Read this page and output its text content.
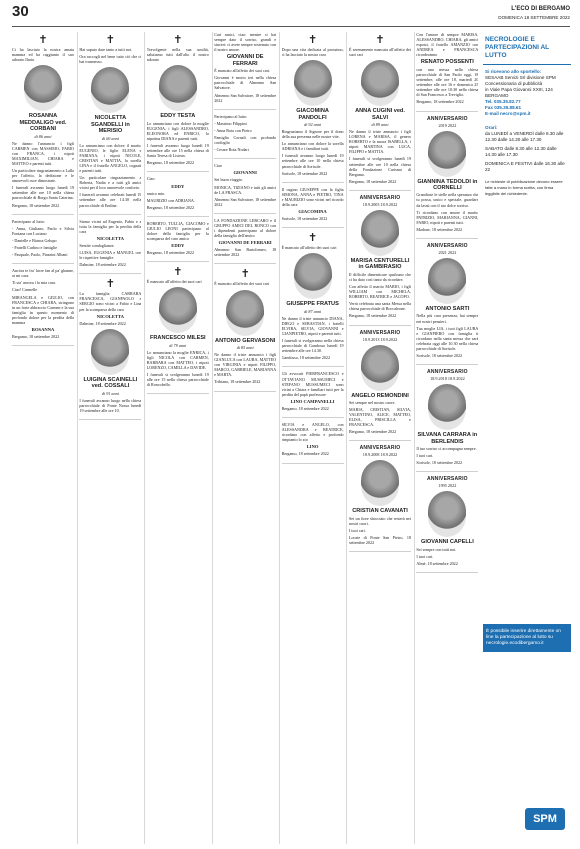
30	L'ECO DI BERGAMO
DOMENICA 18 SETTEMBRE 2022
✝
Ci ha lasciato la nostra amata mamma ed ha raggiunto il suo adorato Ilario.
ROSANNA MEDDALIGO ved. CORBANI
di 86 anni
Ne danno l'annuncio i figli CARMEN con MASSIMO, FABIO con FRANCA, i nipoti MAXIMILIAN, CHIARA e MATTEO e parenti tutti.
Un particolare ringraziamento a Lalla per l'affetto, la dedizione e le amorevoli cure dimostrate.
I funerali avranno luogo lunedì 19 settembre alle ore 10 nella chiesa parrocchiale di Borgo Santa Caterina.
Bergamo, 18 settembre 2022
Partecipano al lutto:
- Anna, Giuliano, Paolo e Silvia Fontana con Luciano
- Danielle e Bianca Gelupo
- Fratelli Carlino e famiglie
- Pasquale, Paolo, Piazzini Albani
Ancòra te fra' lucre fan al pa' ghanne, ai mi cara.
Ti sta' ancora i la mia cara.
Ciao! Carmelle
MIRANGELA e GIULIO, con FRANCESCA e CHIARA, stringono in un forte abbraccio Carmen e la sua famiglia in questo momento di profondo dolore per la perdita della mamma
ROSANNA
Bergamo, 18 settembre 2022
✝
Hai saputo dare tanto a tutti noi.
Ora raccogli nel bene tutto ciò che ci hai trasmesso.
NICOLETTA SGANDELLI in MERISIO
di 60 anni
Lo annunciano con dolore il marito EUGENIO, le figlie ELENA e FABIANA, i nipoti NICOLE, CRISTIAN e MATTIA, la sorella LINA e il fratello ANGELO, cognati e parenti tutti.
Un particolare ringraziamento a Roberta, Nadia e a tutti gli amici vicini per il loro amorevole conforto.
I funerali avranno celebrati lunedì 19 settembre alle ore 14.30 nella parrocchiale di Endine.
Siamo vicini ad Eugenio, Fabio e a tutta la famiglia per la perdita della cara
NICOLETTA
Sentite condoglianze.
LUISA, EUGENIA e MANUEL con le rispettive famiglie.
Dalmine, 18 settembre 2022
✝
La famiglia CARRARA FRANCESCA, GIANPAOLO e SERGIO sono vicini a Fabio e Lina per la scomparsa della cara
NICOLETTA
Dalmine, 18 settembre 2022
LUIGINA SCAINELLI ved. COSSALI
di 91 anni
I funerali avranno luogo nella chiesa parrocchiale di Ponte Nossa lunedì 19 settembre alle ore 10.
✝
Travolgente nella sua umiltà, salutiamo tutti dall'alto il nostro adorato
EDDY TESTA
Lo annunciano con dolore la moglie EUGENIA, i figli ALESSANDRO, ELEONORA ed ENRICO, la nipotina DIANA e parenti tutti.
I funerali avranno luogo lunedì 19 settembre alle ore 15 nella chiesa di Santa Teresa di Lisieux.
Bergamo, 18 settembre 2022
Ciao
EDDY
amico mio.
MAURIZIO con ADRIANA.
Bergamo, 18 settembre 2022
ROBERTO, TULLIA, GIACOMO e GIULIO LEONI partecipano al dolore della famiglia per la scomparsa del caro amico
EDDY
Bergamo, 18 settembre 2022
✝
È mancato all'affetto dei suoi cari
FRANCESCO MILESI
di 79 anni
Lo annunciano la moglie ENRICA, i figli NICOLA con CARMEN, BARBARA con MATTEO, i nipoti LORENZO, CAMILLA e DAVIDE.
I funerali si svolgeranno lunedì 19 alle ore 15 nella chiesa parrocchiale di Roncobello.
Cari amici, ciao: mentre ci hai sempre dato il sorriso, grandi e sinceri: ci avete sempre sostenuto con il nostro amore.
GIOVANNI DE FERRARI
È mancato all'affetto dei suoi cari.
Giovanni è morto ieri nella chiesa parrocchiale di Almenno San Salvatore.
Almenno San Salvatore, 18 settembre 2022
Partecipano al lutto:
- Massimo Filippini
- Anna Rota con Pietro
Famiglia Cornali con profondo cordoglio
- Cesare Rota Nodari
Ciao
GIOVANNI
Sei buon viaggio.
MONICA, TIZIANO e tutti gli amici de LA FRASCA.
Almenno San Salvatore, 18 settembre 2022
LA FONDAZIONE LERCARO e il GRUPPO AMICI DEL RONCO con i dipendenti partecipano al dolore della famiglia dell'amico
GIOVANNI DE FERRARI
Almenno San Bartolomeo, 18 settembre 2022
✝
È mancato all'affetto dei suoi cari
ANTONIO GERVASONI
di 85 anni
Ne danno il triste annuncio i figli GIANLUCA con LAURA, MATTEO con VIRGINIA e nipoti FILIPPO, MARCO, GABRIELE, MARIANNA e MARTA.
Tribiano, 18 settembre 2022
✝
Dopo una vita dedicata al prossimo, ci ha lasciato la nostra cara
GIACOMINA PANDOLFI
di 92 anni
Ringraziamo il Signore per il dono della sua presenza nelle nostre vite.
Lo annunciano con dolore la sorella ADRIANA e i familiari tutti.
I funerali avranno luogo lunedì 19 settembre alle ore 10 nella chiesa parrocchiale di Sorisole.
Sorisole, 18 settembre 2022
Il cugino GIUSEPPE con la figlia SIMONA, ANNA e PIETRO, TINA e MAURIZIO sono vicini nel ricordo della cara
GIACOMINA
Sorisole, 18 settembre 2022
✝
È mancato all'affetto dei suoi cari
GIUSEPPE FRATUS
di 87 anni
Ne danno il triste annuncio DIANA, DIEGO e SEBASTIAN, i fratelli ELVIRA, SILVIA, GIOVANNI e GIANPIETRO, nipoti e parenti tutti.
I funerali si svolgeranno nella chiesa parrocchiale di Gandosso lunedì 19 settembre alle ore 14.30.
Gandosso, 18 settembre 2022
Gli avvocati PIERFRANCESCO e OTTAVIANO MUSSUMECI e STEFANO MUSSUMECI sono vicini a Chiara e familiari tutti per la perdita del papà professore
LINO CAMPANELLI
Bergamo, 18 settembre 2022
SILVIA e ANGELO, con ALESSANDRA e BEATRICE, ricordano con affetto e profondo rimpianto lo zio
LINO
Bergamo, 18 settembre 2022
✝
È serenamente mancata all'affetto dei suoi cari
ANNA CUGINI ved. SALVI
di 89 anni
Ne danno il triste annuncio i figli LORENA e MARISA, il genero ROBERTO e la nuora ISABELLA, i nipoti MARTINA con LUCA, FILIPPO e MATTIA.
I funerali si svolgeranno lunedì 19 settembre alle ore 10 nella chiesa della Fondazione Carisma di Bergamo.
Bergamo, 18 settembre 2022
ANNIVERSARIO
18.9.2003 18.9.2022
MARISA CENTURELLI in GAMBIRASIO
Il difficile dimenticare qualcuno che ci ha dato così tanto da ricordare.
Con affetto il marito MARIO, i figli WILLIAM con MICHELA, ROBERTO, BEATRICE e JACOPO.
Verrà celebrata una santa Messa nella chiesa parrocchiale di Boccaleone.
Bergamo, 18 settembre 2022
ANNIVERSARIO
18.9.2013 18.9.2022
ANGELO REMONDINI
Sei sempre nel nostro cuore.
MARIA, CRISTIAN, SILVIA, VALENTINO, ALICE, MATTEO, ELISA, PRISCILLA e FRANCESCA.
Bergamo, 18 settembre 2022
ANNIVERSARIO
18.9.2008 18.9.2022
CRISTIAN CAVANATI
Sei un fiore sbocciato che resterà nei nostri cuori.
I tuoi cari.
Locate di Ponte San Pietro, 18 settembre 2022
Con l'amore di sempre MARISA, ALESSANDRO, CHIARA, gli amici esposti, il fratello AMANZIO con ANDREA e FRANCESCA ricorderanno
RENATO POSSENTI
con una messa nella chiesa parrocchiale di San Paolo oggi, 18 settembre, alle ore 18, martedì 20 settembre alle ore 16 e domenica 25 settembre alle ore 10:30 nella chiesa di San Francesco a Treviglio.
Bergamo, 18 settembre 2022
ANNIVERSARIO
2019 2022
GIANNINA TEDOLDI in CORNELLI
Grandiose le stelle nella speranza che tu possa, unico e speciale, guardare da lassù con il tuo dolce sorriso.
Ti ricordano con amore il marito PATRIZIO, MARIANNA, GIANNI, FABIO, nipoti e parenti tutti.
Madone, 18 settembre 2022
ANNIVERSARIO
2021 2022
ANTONIO SARTI
Nella più cara presenza, hai sempre nei nostri pensieri.
Tua moglie LIA, i tuoi figli LAURA e GIANPIERO con famiglia ti ricordano nella santa messa che sarà celebrata oggi alle 10.30 nella chiesa parrocchiale di Sorisole.
Sorisole, 18 settembre 2022
ANNIVERSARIO
18.9.2018 18.9.2022
SILVANA CARRARA in BERLENDIS
Il tuo sorriso ci accompagna sempre.
I tuoi cari.
Sorisole, 18 settembre 2022
ANNIVERSARIO
1995 2022
GIOVANNI CAPELLI
Sei sempre con tutti noi.
I tuoi cari.
Almè, 18 settembre 2022
NECROLOGIE E PARTECIPAZIONI AL LUTTO
Si ricevono allo sportello:
SESAAB Servizi Srl divisione SPM Concessionaria di pubblicità
in Viale Papa Giovanni XXIII, 124 BERGAMO
Tel. 035.35.82.77
Fax 035.35.88.61
E-mail necro@spm.it
Orari:
da LUNEDÌ a VENERDÌ dalle 8.30 alle 12.30 dalle 14.30 alle 17.30
SABATO dalle 8.30 alle 12.30 dalle 14.30 alle 17.30
DOMENICA E FESTIVI dalle 16.30 alle 22
Le richieste di pubblicazione devono essere fatte a mano in forma scritta, con firma leggibile del richiedente.
È possibile inserire direttamente on line la partecipazione al lutto su necrologie.ecodibergamo.it
SPM
